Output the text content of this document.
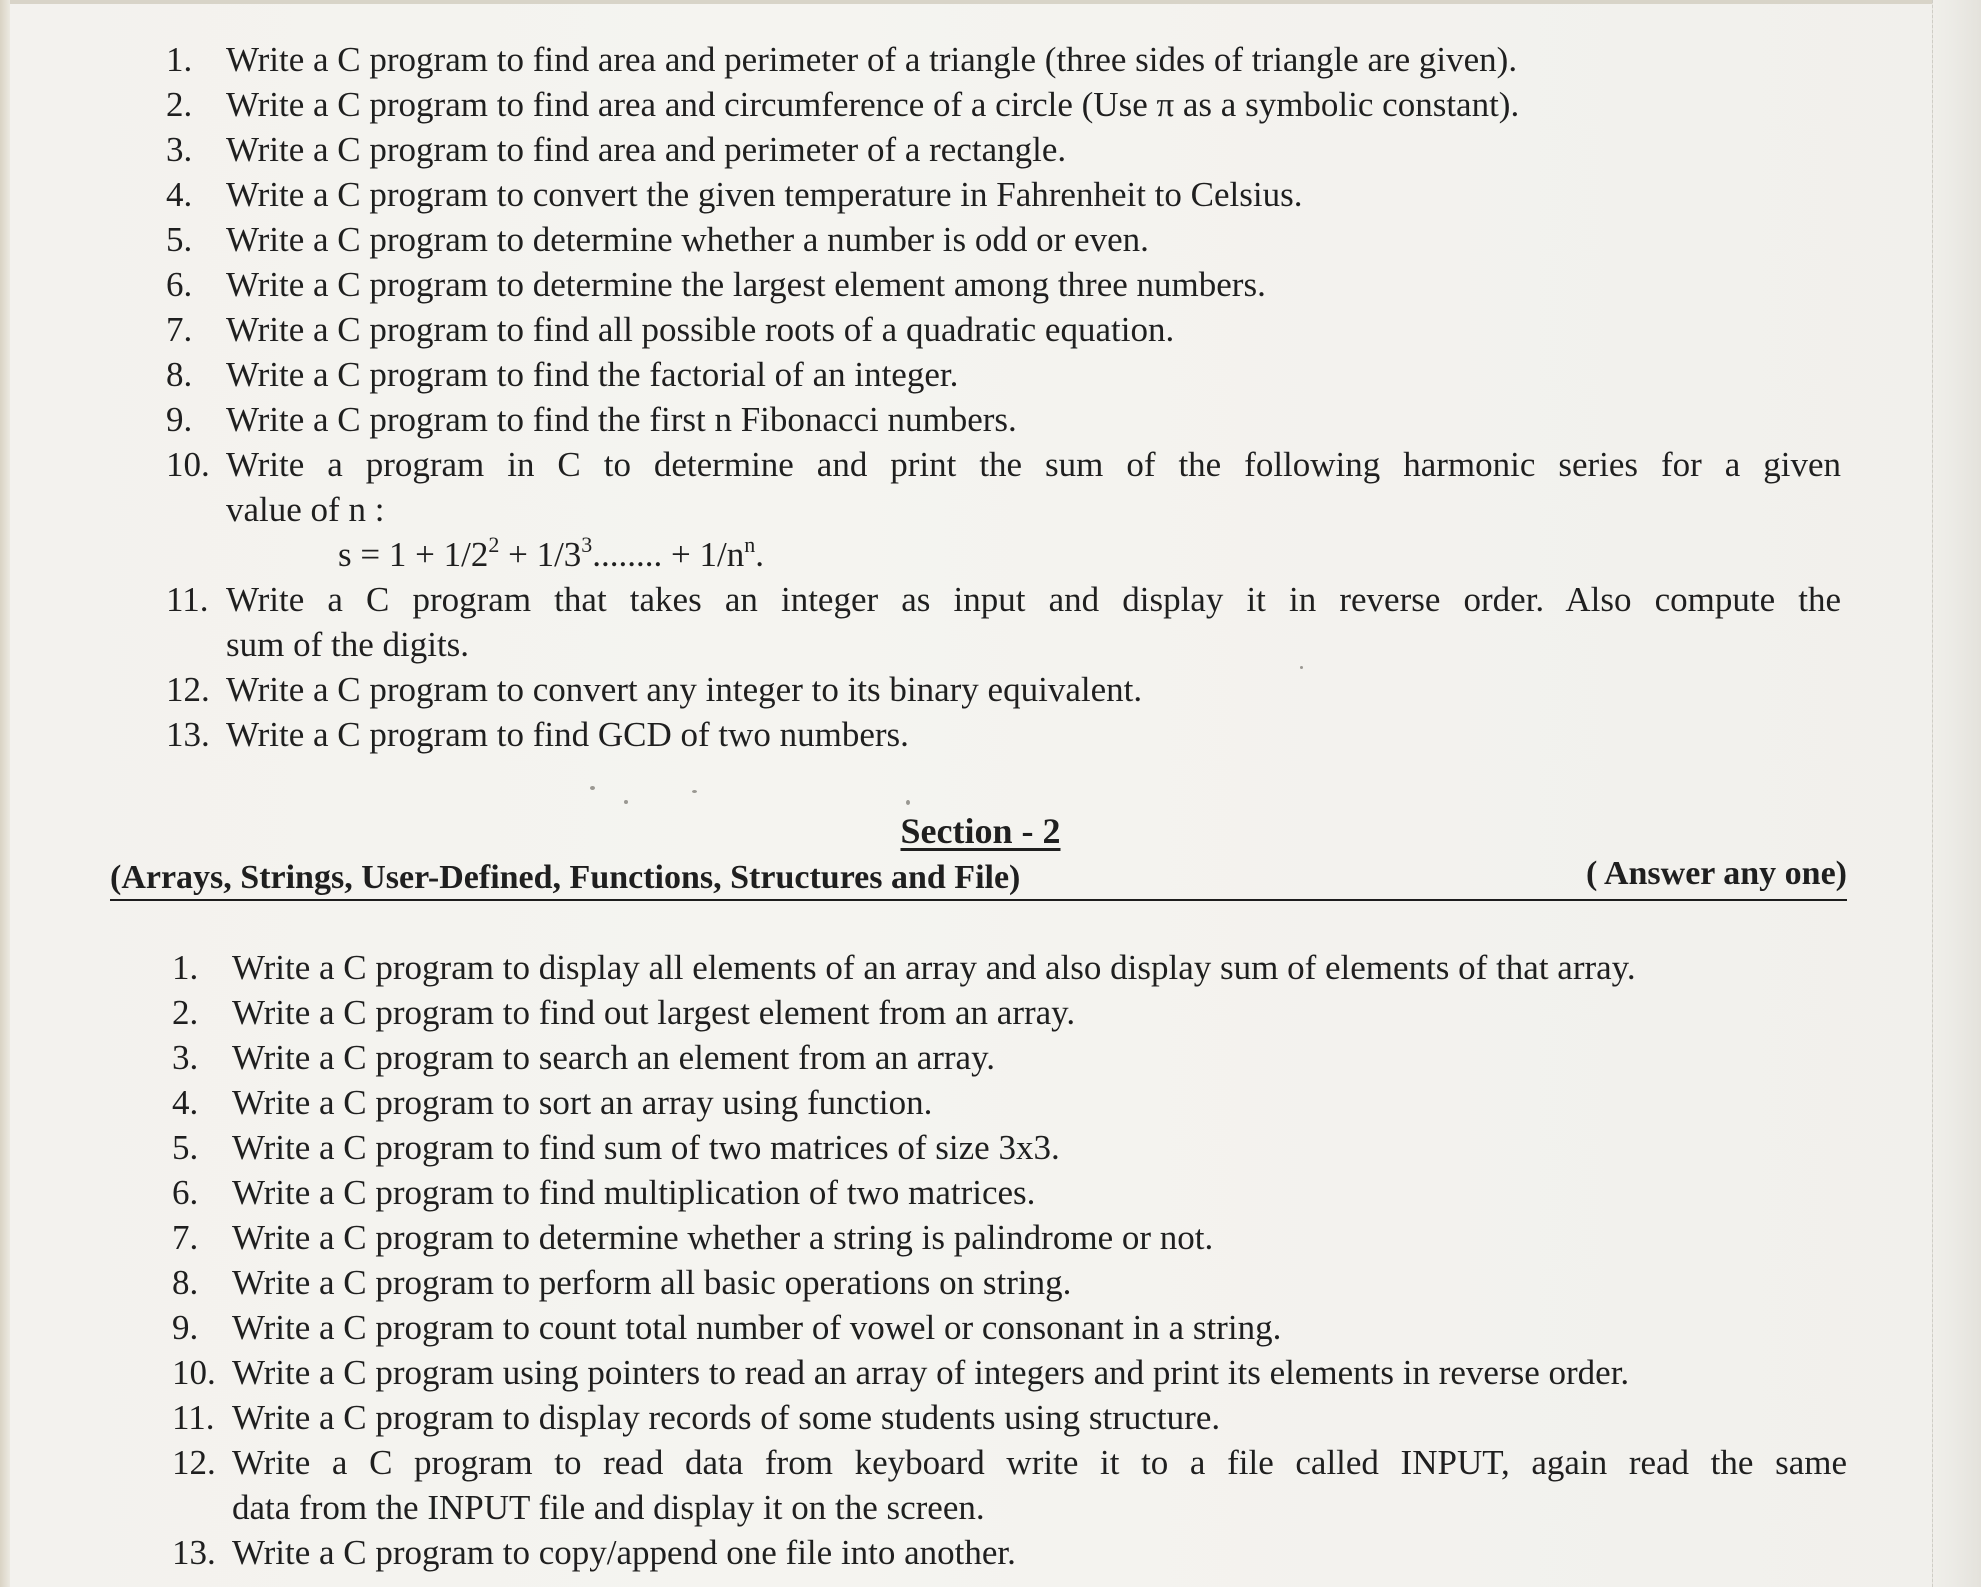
1. Write a C program to find area and perimeter of a triangle (three sides of triangle are given).
2. Write a C program to find area and circumference of a circle (Use π as a symbolic constant).
3. Write a C program to find area and perimeter of a rectangle.
4. Write a C program to convert the given temperature in Fahrenheit to Celsius.
5. Write a C program to determine whether a number is odd or even.
6. Write a C program to determine the largest element among three numbers.
7. Write a C program to find all possible roots of a quadratic equation.
8. Write a C program to find the factorial of an integer.
9. Write a C program to find the first n Fibonacci numbers.
10. Write a program in C to determine and print the sum of the following harmonic series for a given
value of n :
$s = 1 + 1/2^2 + 1/3^3$........ + $1/n^n$.
11. Write a C program that takes an integer as input and display it in reverse order. Also compute the
sum of the digits.
12. Write a C program to convert any integer to its binary equivalent.
13. Write a C program to find GCD of two numbers.
Section - 2
(Arrays, Strings, User-Defined, Functions, Structures and File)	( Answer any one)
1. Write a C program to display all elements of an array and also display sum of elements of that array.
2. Write a C program to find out largest element from an array.
3. Write a C program to search an element from an array.
4. Write a C program to sort an array using function.
5. Write a C program to find sum of two matrices of size 3x3.
6. Write a C program to find multiplication of two matrices.
7. Write a C program to determine whether a string is palindrome or not.
8. Write a C program to perform all basic operations on string.
9. Write a C program to count total number of vowel or consonant in a string.
10. Write a C program using pointers to read an array of integers and print its elements in reverse order.
11. Write a C program to display records of some students using structure.
12. Write a C program to read data from keyboard write it to a file called INPUT, again read the same
data from the INPUT file and display it on the screen.
13. Write a C program to copy/append one file into another.
